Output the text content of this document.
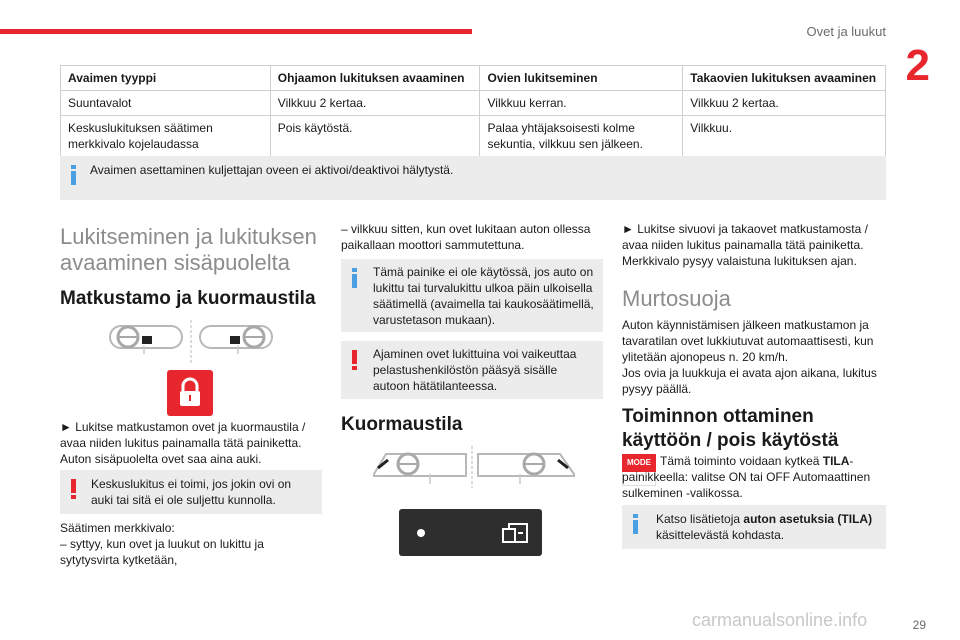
Ovet ja luukut
2
Avaimen tyyppi	Ohjaamon lukituksen avaaminen	Ovien lukitseminen	Takaovien lukituksen avaaminen
Suuntavalot	Vilkkuu 2 kertaa.	Vilkkuu kerran.	Vilkkuu 2 kertaa.
Keskuslukituksen säätimen merkkivalo kojelaudassa	Pois käytöstä.	Palaa yhtäjaksoisesti kolme sekuntia, vilkkuu sen jälkeen.	Vilkkuu.
Avaimen asettaminen kuljettajan oveen ei aktivoi/deaktivoi hälytystä.
Lukitseminen ja lukituksen avaaminen sisäpuolelta
Matkustamo ja kuormaustila
► Lukitse matkustamon ovet ja kuormaustila / avaa niiden lukitus painamalla tätä painiketta. Auton sisäpuolelta ovet saa aina auki.
Keskuslukitus ei toimi, jos jokin ovi on auki tai sitä ei ole suljettu kunnolla.
Säätimen merkkivalo:
– syttyy, kun ovet ja luukut on lukittu ja sytytysvirta kytketään,
– vilkkuu sitten, kun ovet lukitaan auton ollessa paikallaan moottori sammutettuna.
Tämä painike ei ole käytössä, jos auto on lukittu tai turvalukittu ulkoa päin ulkoisella säätimellä (avaimella tai kaukosäätimellä, varustetason mukaan).
Ajaminen ovet lukittuina voi vaikeuttaa pelastushenkilöstön pääsyä sisälle autoon hätätilanteessa.
Kuormaustila
► Lukitse sivuovi ja takaovet matkustamosta / avaa niiden lukitus painamalla tätä painiketta. Merkkivalo pysyy valaistuna lukituksen ajan.
Murtosuoja
Auton käynnistämisen jälkeen matkustamon ja tavaratilan ovet lukkiutuvat automaattisesti, kun ylitetään ajonopeus n. 20 km/h.
Jos ovia ja luukkuja ei avata ajon aikana, lukitus pysyy päällä.
Toiminnon ottaminen käyttöön / pois käytöstä
MODE Tämä toiminto voidaan kytkeä TILA-painikkeella: valitse ON tai OFF Automaattinen sulkeminen -valikossa.
Katso lisätietoja auton asetuksia (TILA) käsittelevästä kohdasta.
carmanualsonline.info	29
